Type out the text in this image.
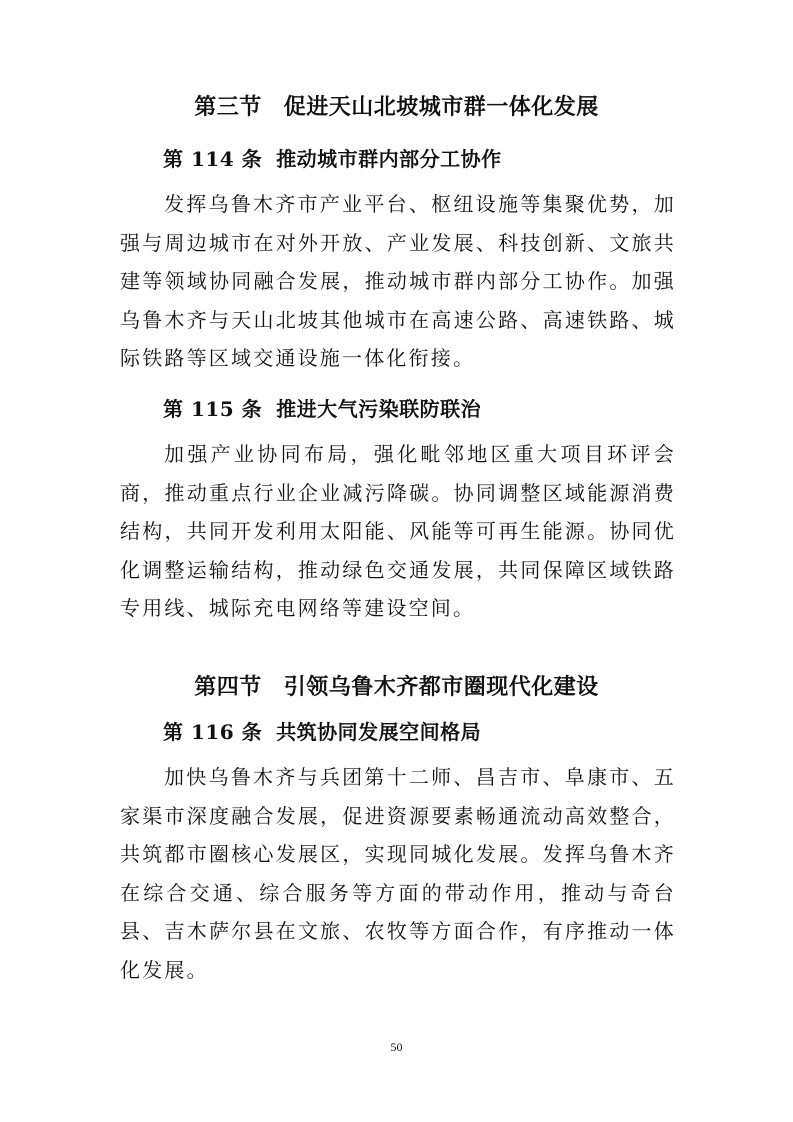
第三节 促进天山北坡城市群一体化发展
第 114 条 推动城市群内部分工协作

发挥乌鲁木齐市产业平台、枢纽设施等集聚优势，加强与周边城市在对外开放、产业发展、科技创新、文旅共建等领域协同融合发展，推动城市群内部分工协作。加强乌鲁木齐与天山北坡其他城市在高速公路、高速铁路、城际铁路等区域交通设施一体化衔接。

第 115 条 推进大气污染联防联治

加强产业协同布局，强化毗邻地区重大项目环评会商，推动重点行业企业减污降碳。协同调整区域能源消费结构，共同开发利用太阳能、风能等可再生能源。协同优化调整运输结构，推动绿色交通发展，共同保障区域铁路专用线、城际充电网络等建设空间。

第四节 引领乌鲁木齐都市圈现代化建设
第 116 条 共筑协同发展空间格局

加快乌鲁木齐与兵团第十二师、昌吉市、阜康市、五家渠市深度融合发展，促进资源要素畅通流动高效整合，共筑都市圈核心发展区，实现同城化发展。发挥乌鲁木齐在综合交通、综合服务等方面的带动作用，推动与奇台县、吉木萨尔县在文旅、农牧等方面合作，有序推动一体化发展。

50
